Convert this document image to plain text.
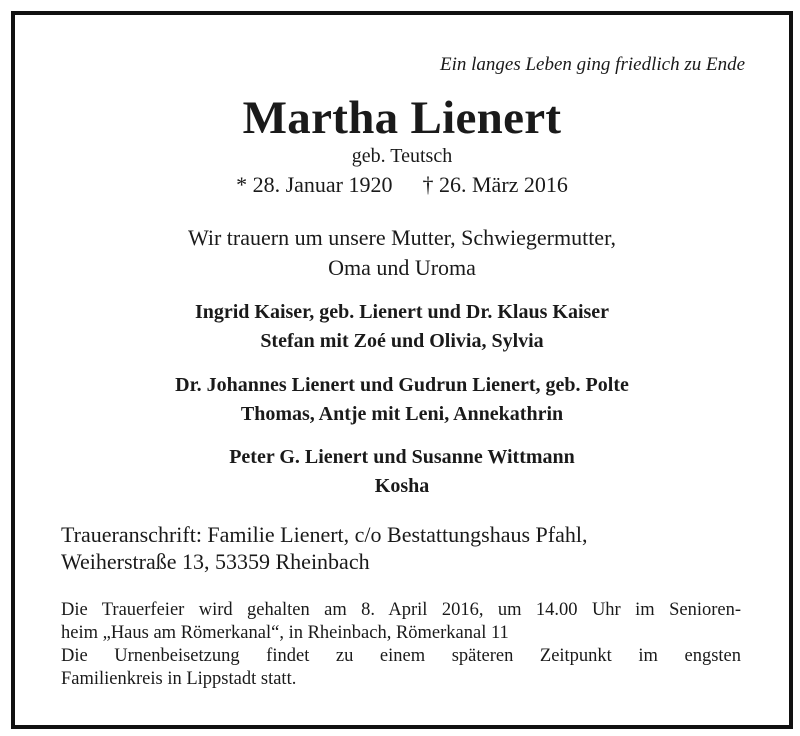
Ein langes Leben ging friedlich zu Ende
Martha Lienert
geb. Teutsch
* 28. Januar 1920 † 26. März 2016
Wir trauern um unsere Mutter, Schwiegermutter,
Oma und Uroma
Ingrid Kaiser, geb. Lienert und Dr. Klaus Kaiser
Stefan mit Zoé und Olivia, Sylvia
Dr. Johannes Lienert und Gudrun Lienert, geb. Polte
Thomas, Antje mit Leni, Annekathrin
Peter G. Lienert und Susanne Wittmann
Kosha
Traueranschrift: Familie Lienert, c/o Bestattungshaus Pfahl,
Weiherstraße 13, 53359 Rheinbach
Die Trauerfeier wird gehalten am 8. April 2016, um 14.00 Uhr im Senioren-
heim „Haus am Römerkanal“, in Rheinbach, Römerkanal 11
Die Urnenbeisetzung findet zu einem späteren Zeitpunkt im engsten
Familienkreis in Lippstadt statt.
